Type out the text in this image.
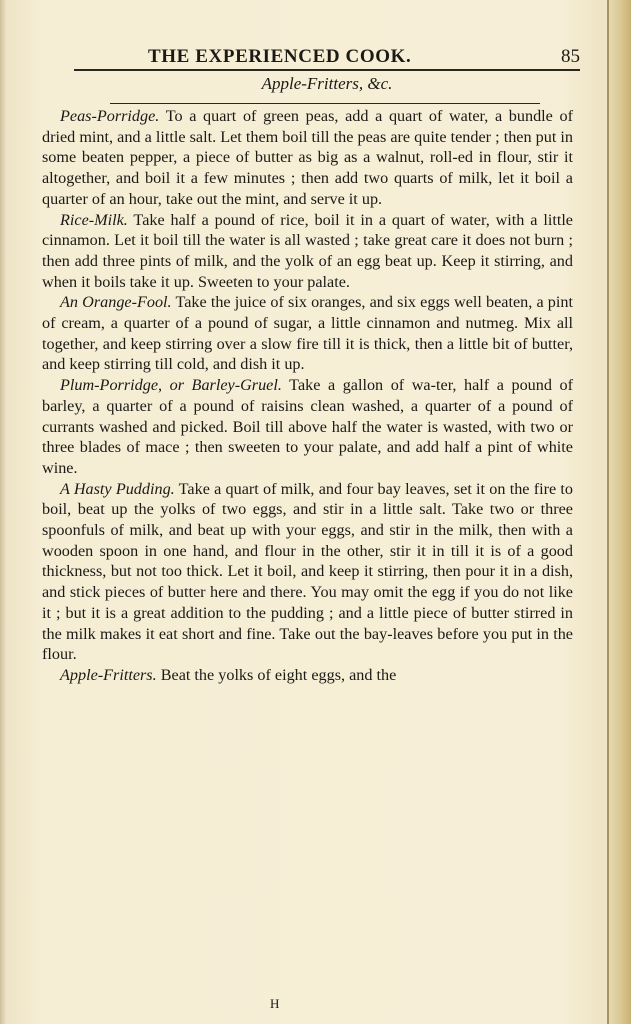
THE EXPERIENCED COOK.	85
Apple-Fritters, &c.

Peas-Porridge. To a quart of green peas, add a quart of water, a bundle of dried mint, and a little salt. Let them boil till the peas are quite tender ; then put in some beaten pepper, a piece of butter as big as a walnut, roll-ed in flour, stir it altogether, and boil it a few minutes ; then add two quarts of milk, let it boil a quarter of an hour, take out the mint, and serve it up.

Rice-Milk. Take half a pound of rice, boil it in a quart of water, with a little cinnamon. Let it boil till the water is all wasted ; take great care it does not burn ; then add three pints of milk, and the yolk of an egg beat up. Keep it stirring, and when it boils take it up. Sweeten to your palate.

An Orange-Fool. Take the juice of six oranges, and six eggs well beaten, a pint of cream, a quarter of a pound of sugar, a little cinnamon and nutmeg. Mix all together, and keep stirring over a slow fire till it is thick, then a little bit of butter, and keep stirring till cold, and dish it up.

Plum-Porridge, or Barley-Gruel. Take a gallon of wa-ter, half a pound of barley, a quarter of a pound of raisins clean washed, a quarter of a pound of currants washed and picked. Boil till above half the water is wasted, with two or three blades of mace ; then sweeten to your palate, and add half a pint of white wine.

A Hasty Pudding. Take a quart of milk, and four bay leaves, set it on the fire to boil, beat up the yolks of two eggs, and stir in a little salt. Take two or three spoonfuls of milk, and beat up with your eggs, and stir in the milk, then with a wooden spoon in one hand, and flour in the other, stir it in till it is of a good thickness, but not too thick. Let it boil, and keep it stirring, then pour it in a dish, and stick pieces of butter here and there. You may omit the egg if you do not like it ; but it is a great addition to the pudding ; and a little piece of butter stirred in the milk makes it eat short and fine. Take out the bay-leaves before you put in the flour.

Apple-Fritters. Beat the yolks of eight eggs, and the

H
